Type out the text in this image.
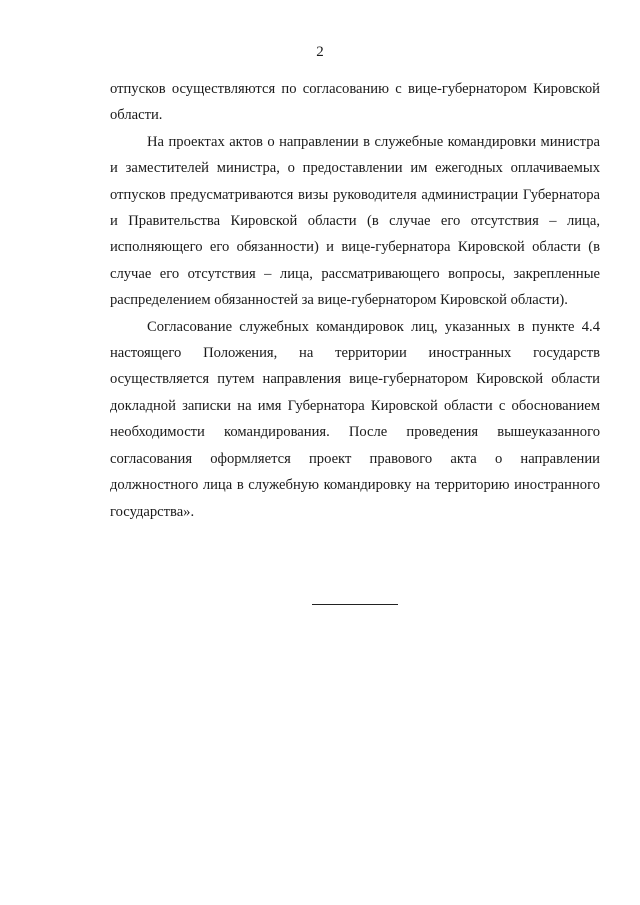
2

отпусков осуществляются по согласованию с вице-губернатором Кировской области.

На проектах актов о направлении в служебные командировки министра и заместителей министра, о предоставлении им ежегодных оплачиваемых отпусков предусматриваются визы руководителя администрации Губернатора и Правительства Кировской области (в случае его отсутствия – лица, исполняющего его обязанности) и вице-губернатора Кировской области (в случае его отсутствия – лица, рассматривающего вопросы, закрепленные распределением обязанностей за вице-губернатором Кировской области).

Согласование служебных командировок лиц, указанных в пункте 4.4 настоящего Положения, на территории иностранных государств осуществляется путем направления вице-губернатором Кировской области докладной записки на имя Губернатора Кировской области с обоснованием необходимости командирования. После проведения вышеуказанного согласования оформляется проект правового акта о направлении должностного лица в служебную командировку на территорию иностранного государства».
